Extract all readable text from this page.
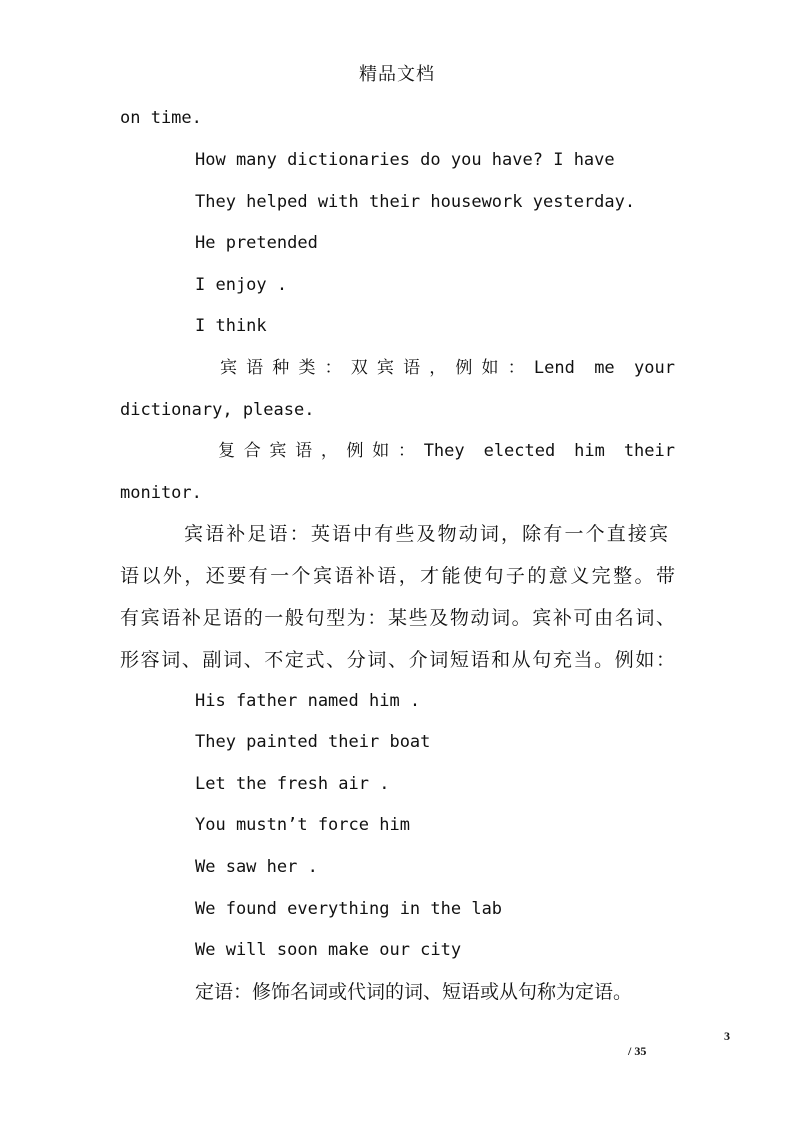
精品文档
on time.
How many dictionaries do you have? I have
They helped with their housework yesterday.
He pretended
I enjoy .
I think
宾语种类：双宾语，例如：Lend me your
dictionary, please.
复合宾语，例如：They elected him their
monitor.
宾语补足语：英语中有些及物动词，除有一个直接宾
语以外，还要有一个宾语补语，才能使句子的意义完整。带
有宾语补足语的一般句型为：某些及物动词。宾补可由名词、
形容词、副词、不定式、分词、介词短语和从句充当。例如：
His father named him .
They painted their boat
Let the fresh air .
You mustn’t force him
We saw her .
We found everything in the lab
We will soon make our city
定语：修饰名词或代词的词、短语或从句称为定语。
3
/ 35
